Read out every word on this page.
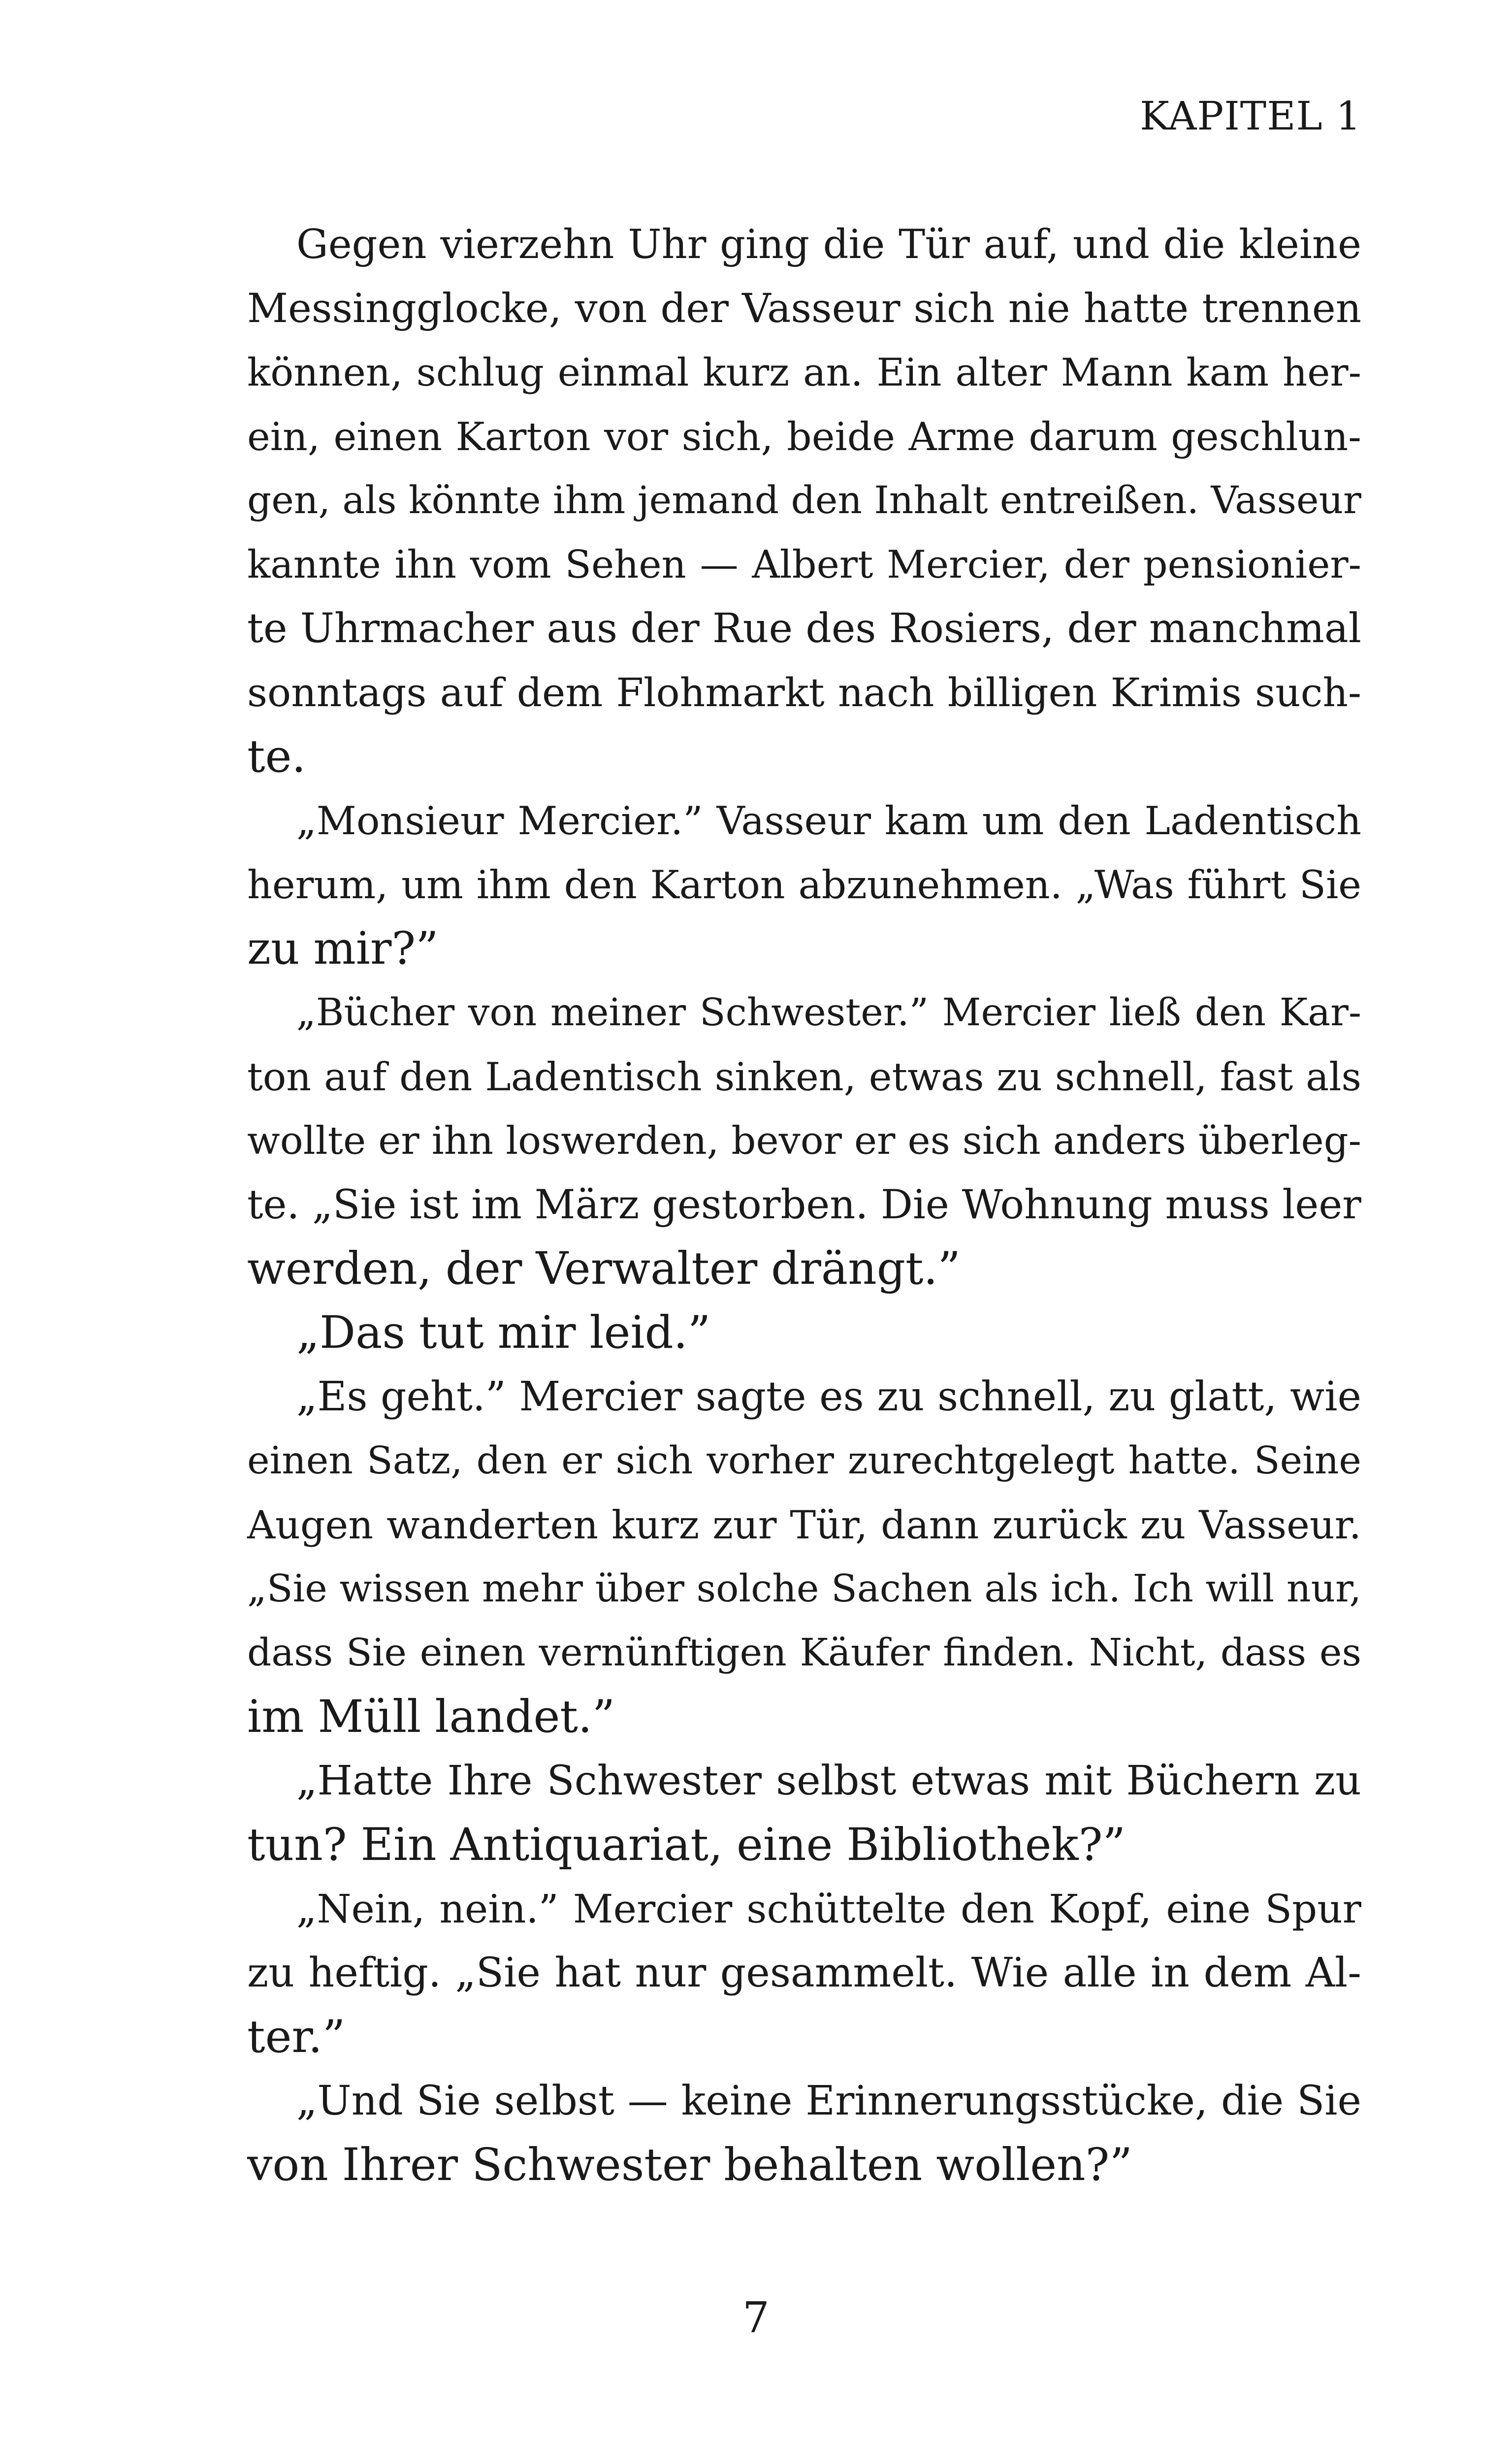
KAPITEL 1
Gegen vierzehn Uhr ging die Tür auf, und die kleine
Messingglocke, von der Vasseur sich nie hatte trennen
können, schlug einmal kurz an. Ein alter Mann kam her-
ein, einen Karton vor sich, beide Arme darum geschlun-
gen, als könnte ihm jemand den Inhalt entreißen. Vasseur
kannte ihn vom Sehen — Albert Mercier, der pensionier-
te Uhrmacher aus der Rue des Rosiers, der manchmal
sonntags auf dem Flohmarkt nach billigen Krimis such-
te.
„Monsieur Mercier.” Vasseur kam um den Ladentisch
herum, um ihm den Karton abzunehmen. „Was führt Sie
zu mir?”
„Bücher von meiner Schwester.” Mercier ließ den Kar-
ton auf den Ladentisch sinken, etwas zu schnell, fast als
wollte er ihn loswerden, bevor er es sich anders überleg-
te. „Sie ist im März gestorben. Die Wohnung muss leer
werden, der Verwalter drängt.”
„Das tut mir leid.”
„Es geht.” Mercier sagte es zu schnell, zu glatt, wie
einen Satz, den er sich vorher zurechtgelegt hatte. Seine
Augen wanderten kurz zur Tür, dann zurück zu Vasseur.
„Sie wissen mehr über solche Sachen als ich. Ich will nur,
dass Sie einen vernünftigen Käufer finden. Nicht, dass es
im Müll landet.”
„Hatte Ihre Schwester selbst etwas mit Büchern zu
tun? Ein Antiquariat, eine Bibliothek?”
„Nein, nein.” Mercier schüttelte den Kopf, eine Spur
zu heftig. „Sie hat nur gesammelt. Wie alle in dem Al-
ter.”
„Und Sie selbst — keine Erinnerungsstücke, die Sie
von Ihrer Schwester behalten wollen?”
7
